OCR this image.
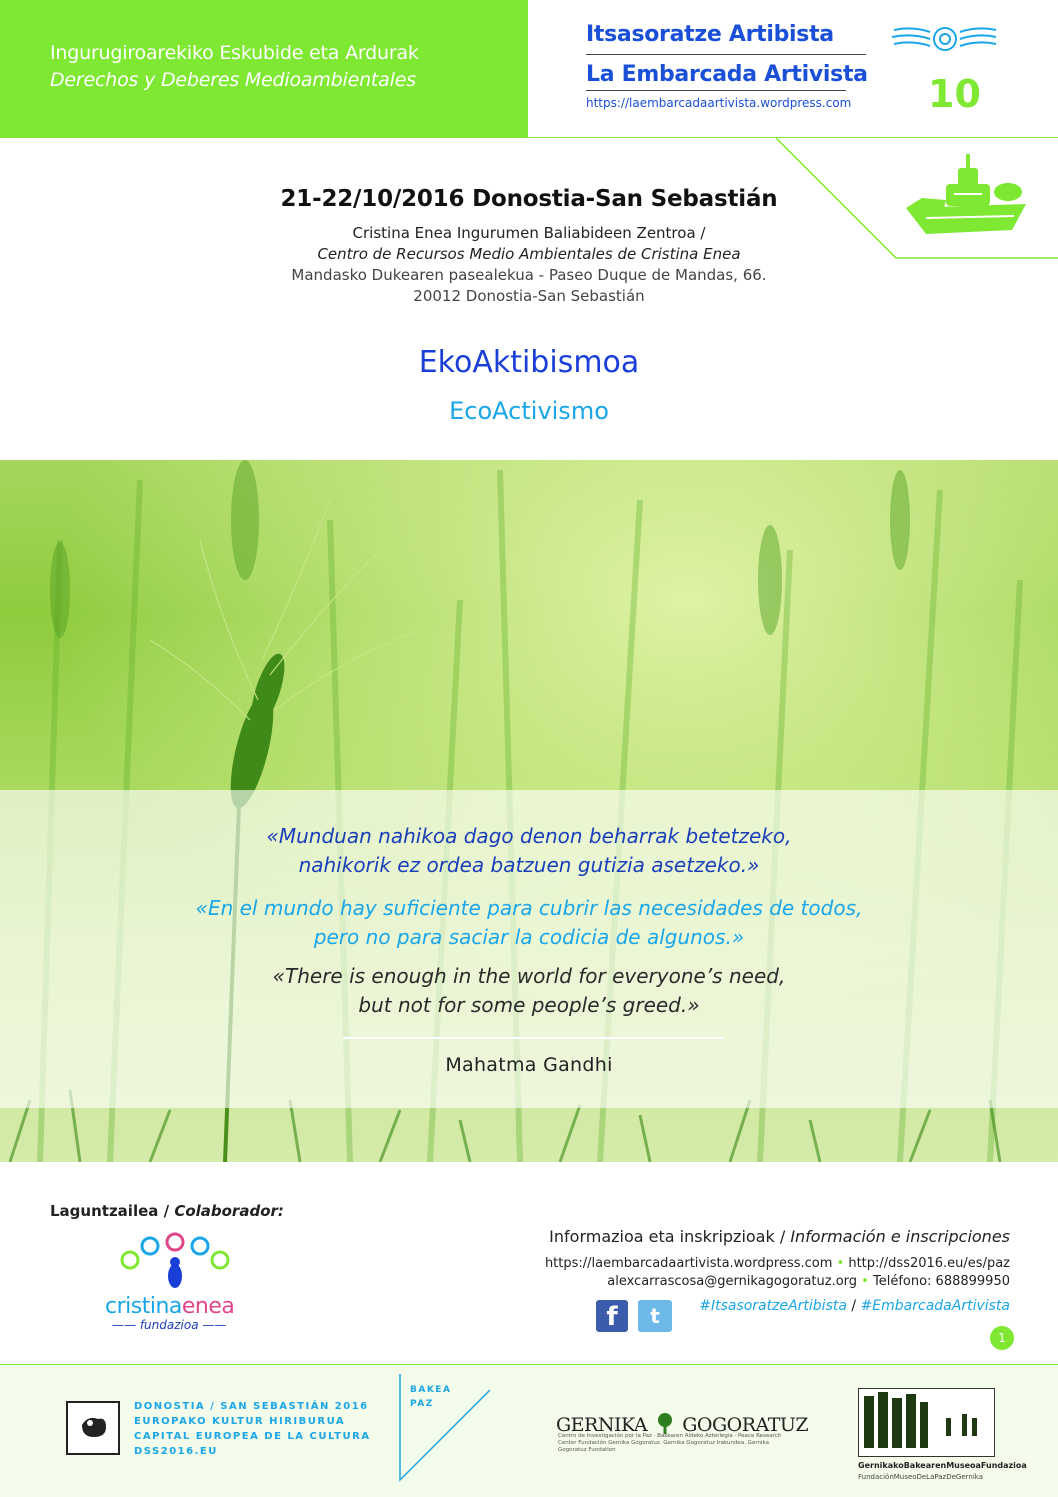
Ingurugiroarekiko Eskubide eta Ardurak
Derechos y Deberes Medioambientales
Itsasoratze Artibista
La Embarcada Artivista
https://laembarcadaartivista.wordpress.com 10
21-22/10/2016 Donostia-San Sebastián
Cristina Enea Ingurumen Baliabideen Zentroa /
Centro de Recursos Medio Ambientales de Cristina Enea
Mandasko Dukearen pasealekua - Paseo Duque de Mandas, 66.
20012 Donostia-San Sebastián
EkoAktibismoa
EcoActivismo
«Munduan nahikoa dago denon beharrak betetzeko,
nahikorik ez ordea batzuen gutizia asetzeko.»
«En el mundo hay suficiente para cubrir las necesidades de todos,
pero no para saciar la codicia de algunos.»
«There is enough in the world for everyone’s need,
but not for some people’s greed.»
Mahatma Gandhi
Laguntzailea / Colaborador:
cristinaenea
—— fundazioa ——
Informazioa eta inskripzioak / Información e inscripciones
https://laembarcadaartivista.wordpress.com • http://dss2016.eu/es/paz
alexcarrascosa@gernikagogoratuz.org • Teléfono: 688899950
f	t	#ItsasoratzeArtibista / #EmbarcadaArtivista
1
DONOSTIA / SAN SEBASTIÁN 2016
EUROPAKO KULTUR HIRIBURUA
CAPITAL EUROPEA DE LA CULTURA
DSS2016.EU
BAKEA
PAZ
GERNIKA GOGORATUZ
Centro de Investigación por la Paz · Bakearen Aldeko Azterlegia · Peace Research Center Fundación Gernika Gogoratuz. Gernika Gogoratuz Irakundea. Gernika Gogoratuz Fundation
GernikakoBakearenMuseoaFundazioa
FundaciónMuseoDeLaPazDeGernika
